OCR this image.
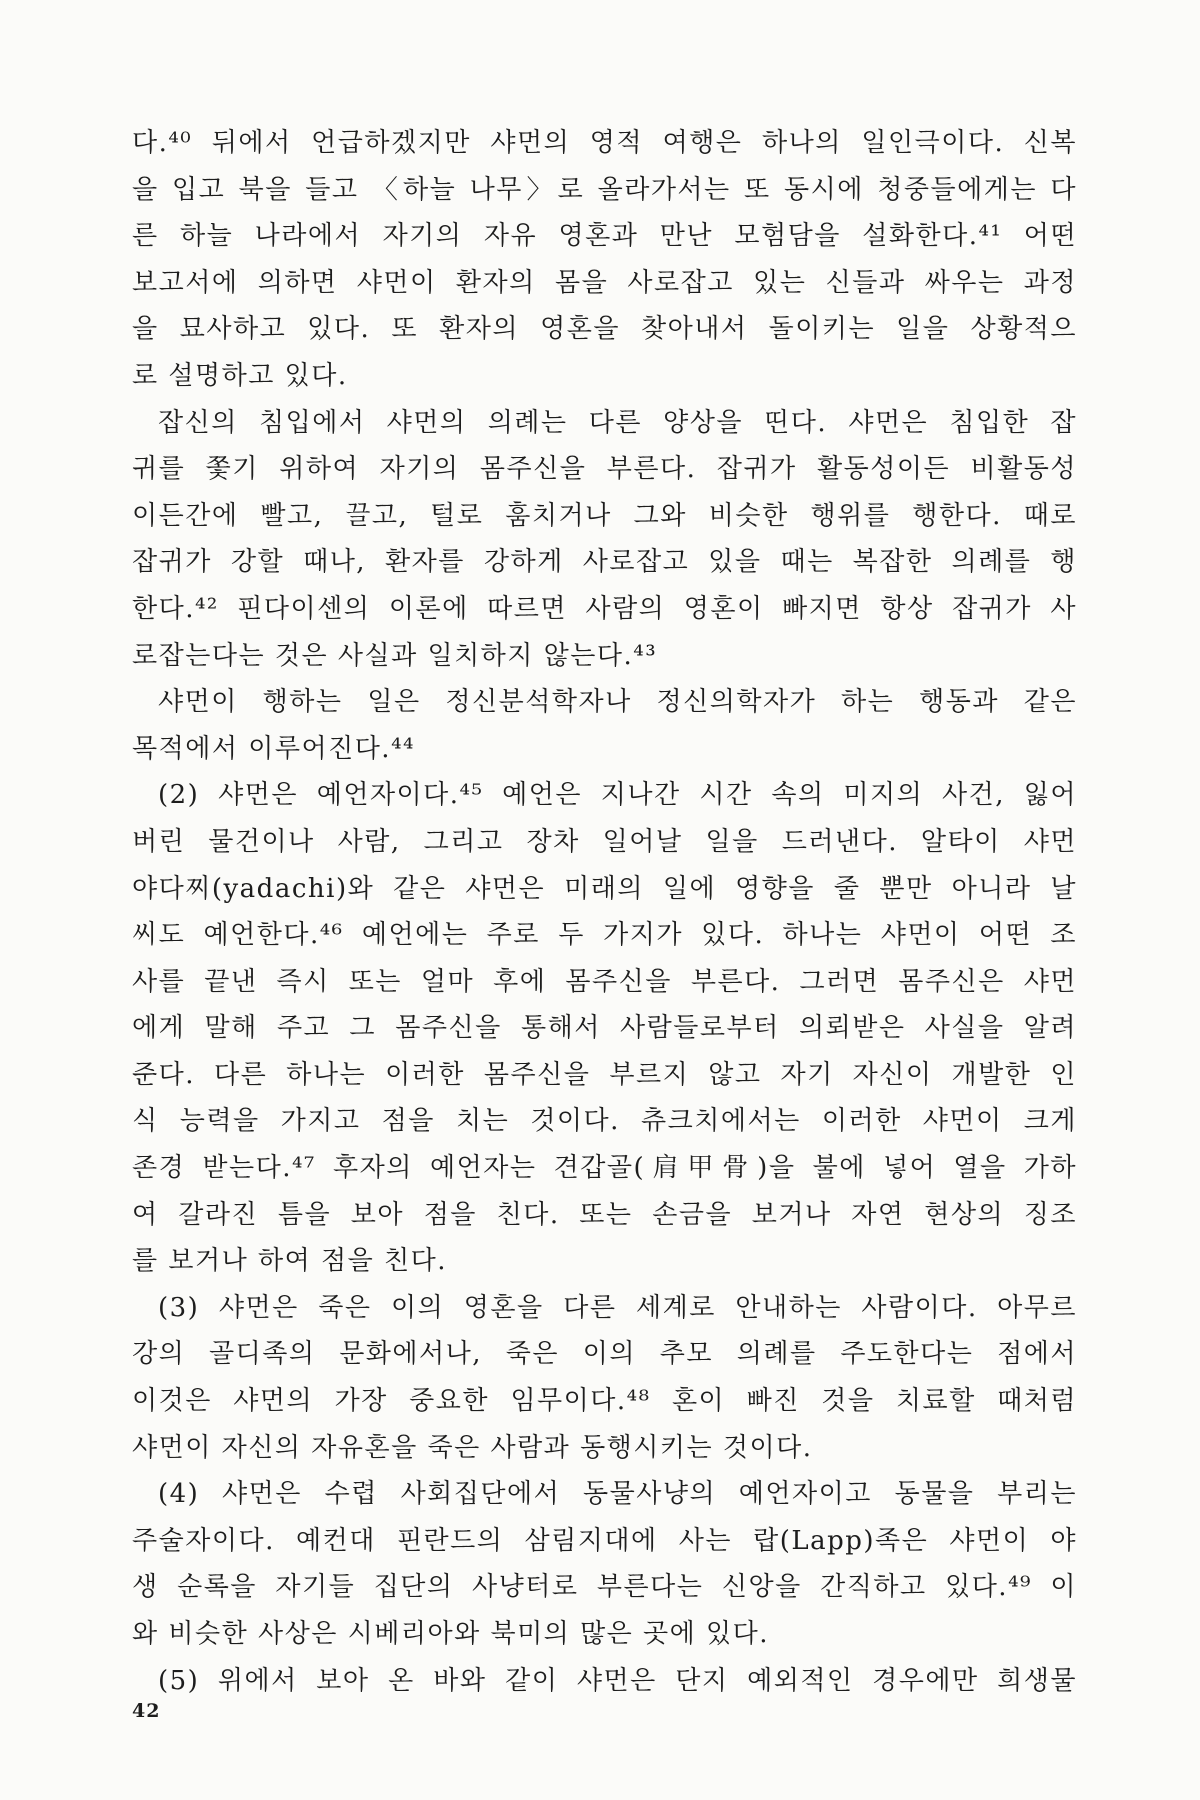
다.⁴⁰ 뒤에서 언급하겠지만 샤먼의 영적 여행은 하나의 일인극이다. 신복
을 입고 북을 들고 〈하늘 나무〉로 올라가서는 또 동시에 청중들에게는 다
른 하늘 나라에서 자기의 자유 영혼과 만난 모험담을 설화한다.⁴¹ 어떤
보고서에 의하면 샤먼이 환자의 몸을 사로잡고 있는 신들과 싸우는 과정
을 묘사하고 있다. 또 환자의 영혼을 찾아내서 돌이키는 일을 상황적으
로 설명하고 있다.
잡신의 침입에서 샤먼의 의례는 다른 양상을 띤다. 샤먼은 침입한 잡
귀를 쫓기 위하여 자기의 몸주신을 부른다. 잡귀가 활동성이든 비활동성
이든간에 빨고, 끌고, 털로 훔치거나 그와 비슷한 행위를 행한다. 때로
잡귀가 강할 때나, 환자를 강하게 사로잡고 있을 때는 복잡한 의례를 행
한다.⁴² 핀다이센의 이론에 따르면 사람의 영혼이 빠지면 항상 잡귀가 사
로잡는다는 것은 사실과 일치하지 않는다.⁴³
샤먼이 행하는 일은 정신분석학자나 정신의학자가 하는 행동과 같은
목적에서 이루어진다.⁴⁴
(2) 샤먼은 예언자이다.⁴⁵ 예언은 지나간 시간 속의 미지의 사건, 잃어
버린 물건이나 사람, 그리고 장차 일어날 일을 드러낸다. 알타이 샤먼
야다찌(yadachi)와 같은 샤먼은 미래의 일에 영향을 줄 뿐만 아니라 날
씨도 예언한다.⁴⁶ 예언에는 주로 두 가지가 있다. 하나는 샤먼이 어떤 조
사를 끝낸 즉시 또는 얼마 후에 몸주신을 부른다. 그러면 몸주신은 샤먼
에게 말해 주고 그 몸주신을 통해서 사람들로부터 의뢰받은 사실을 알려
준다. 다른 하나는 이러한 몸주신을 부르지 않고 자기 자신이 개발한 인
식 능력을 가지고 점을 치는 것이다. 츄크치에서는 이러한 샤먼이 크게
존경 받는다.⁴⁷ 후자의 예언자는 견갑골(肩甲骨)을 불에 넣어 열을 가하
여 갈라진 틈을 보아 점을 친다. 또는 손금을 보거나 자연 현상의 징조
를 보거나 하여 점을 친다.
(3) 샤먼은 죽은 이의 영혼을 다른 세계로 안내하는 사람이다. 아무르
강의 골디족의 문화에서나, 죽은 이의 추모 의례를 주도한다는 점에서
이것은 샤먼의 가장 중요한 임무이다.⁴⁸ 혼이 빠진 것을 치료할 때처럼
샤먼이 자신의 자유혼을 죽은 사람과 동행시키는 것이다.
(4) 샤먼은 수렵 사회집단에서 동물사냥의 예언자이고 동물을 부리는
주술자이다. 예컨대 핀란드의 삼림지대에 사는 랍(Lapp)족은 샤먼이 야
생 순록을 자기들 집단의 사냥터로 부른다는 신앙을 간직하고 있다.⁴⁹ 이
와 비슷한 사상은 시베리아와 북미의 많은 곳에 있다.
(5) 위에서 보아 온 바와 같이 샤먼은 단지 예외적인 경우에만 희생물
42
